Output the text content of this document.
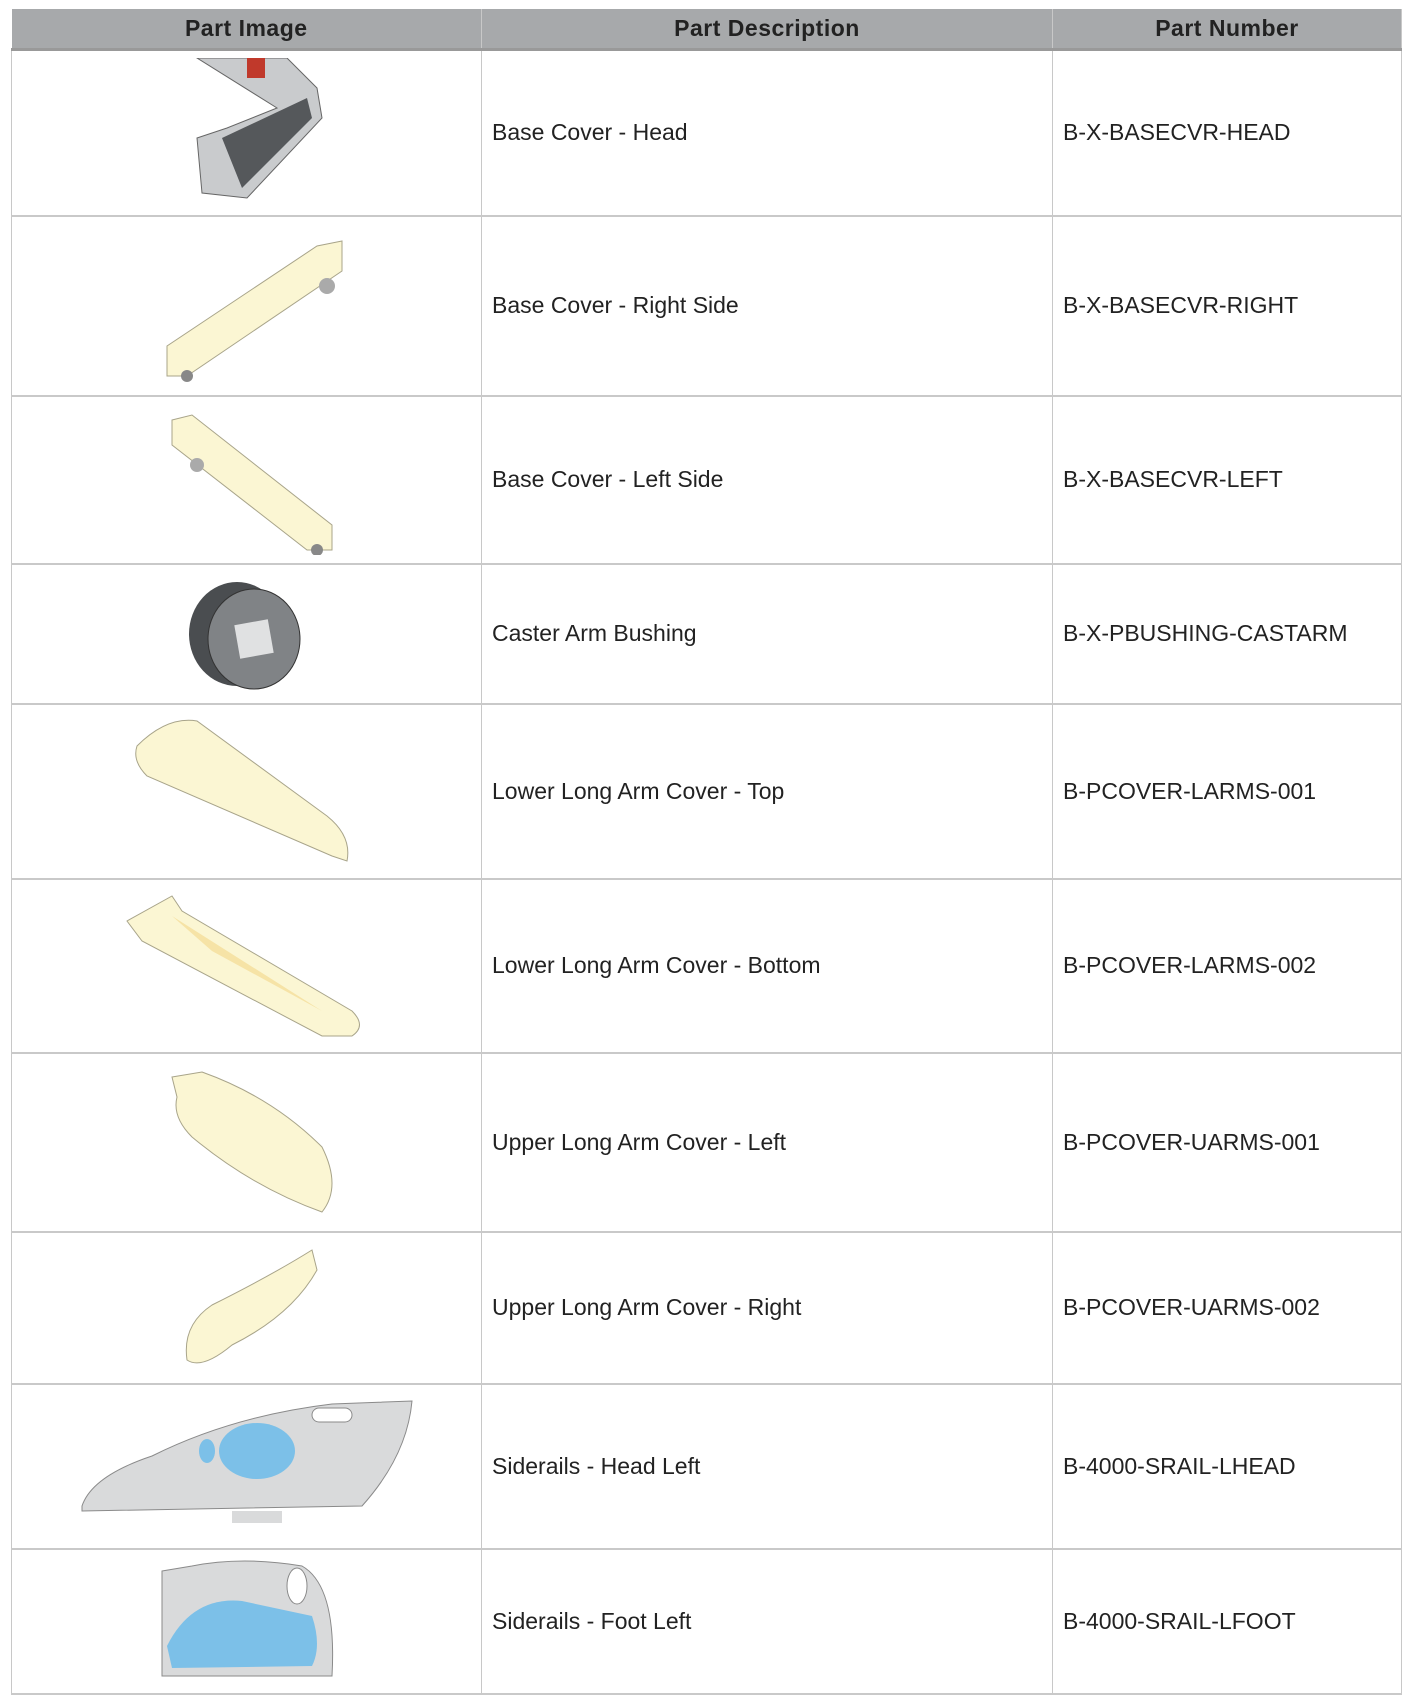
Part Image	Part Description	Part Number

	Base Cover - Head	B-X-BASECVR-HEAD

	Base Cover - Right Side	B-X-BASECVR-RIGHT

	Base Cover - Left Side	B-X-BASECVR-LEFT

	Caster Arm Bushing	B-X-PBUSHING-CASTARM

	Lower Long Arm Cover - Top	B-PCOVER-LARMS-001

	Lower Long Arm Cover - Bottom	B-PCOVER-LARMS-002

	Upper Long Arm Cover - Left	B-PCOVER-UARMS-001

	Upper Long Arm Cover - Right	B-PCOVER-UARMS-002

	Siderails - Head Left	B-4000-SRAIL-LHEAD

	Siderails - Foot Left	B-4000-SRAIL-LFOOT
